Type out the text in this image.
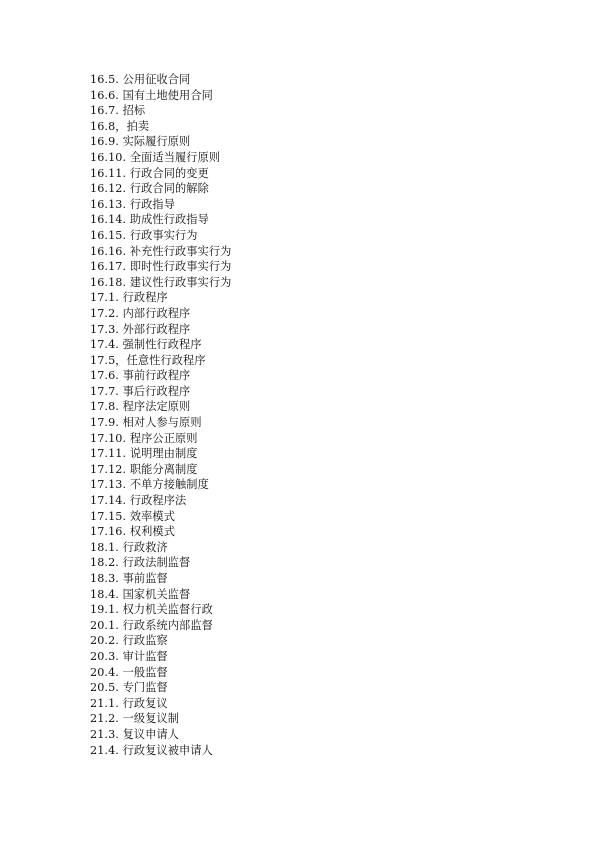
16.5. 公用征收合同
16.6. 国有土地使用合同
16.7. 招标
16.8，拍卖
16.9. 实际履行原则
16.10. 全面适当履行原则
16.11. 行政合同的变更
16.12. 行政合同的解除
16.13. 行政指导
16.14. 助成性行政指导
16.15. 行政事实行为
16.16. 补充性行政事实行为
16.17. 即时性行政事实行为
16.18. 建议性行政事实行为
17.1. 行政程序
17.2. 内部行政程序
17.3. 外部行政程序
17.4. 强制性行政程序
17.5，任意性行政程序
17.6. 事前行政程序
17.7. 事后行政程序
17.8. 程序法定原则
17.9. 相对人参与原则
17.10. 程序公正原则
17.11. 说明理由制度
17.12. 职能分离制度
17.13. 不单方接触制度
17.14. 行政程序法
17.15. 效率模式
17.16. 权利模式
18.1. 行政救济
18.2. 行政法制监督
18.3. 事前监督
18.4. 国家机关监督
19.1. 权力机关监督行政
20.1. 行政系统内部监督
20.2. 行政监察
20.3. 审计监督
20.4. 一般监督
20.5. 专门监督
21.1. 行政复议
21.2. 一级复议制
21.3. 复议申请人
21.4. 行政复议被申请人
